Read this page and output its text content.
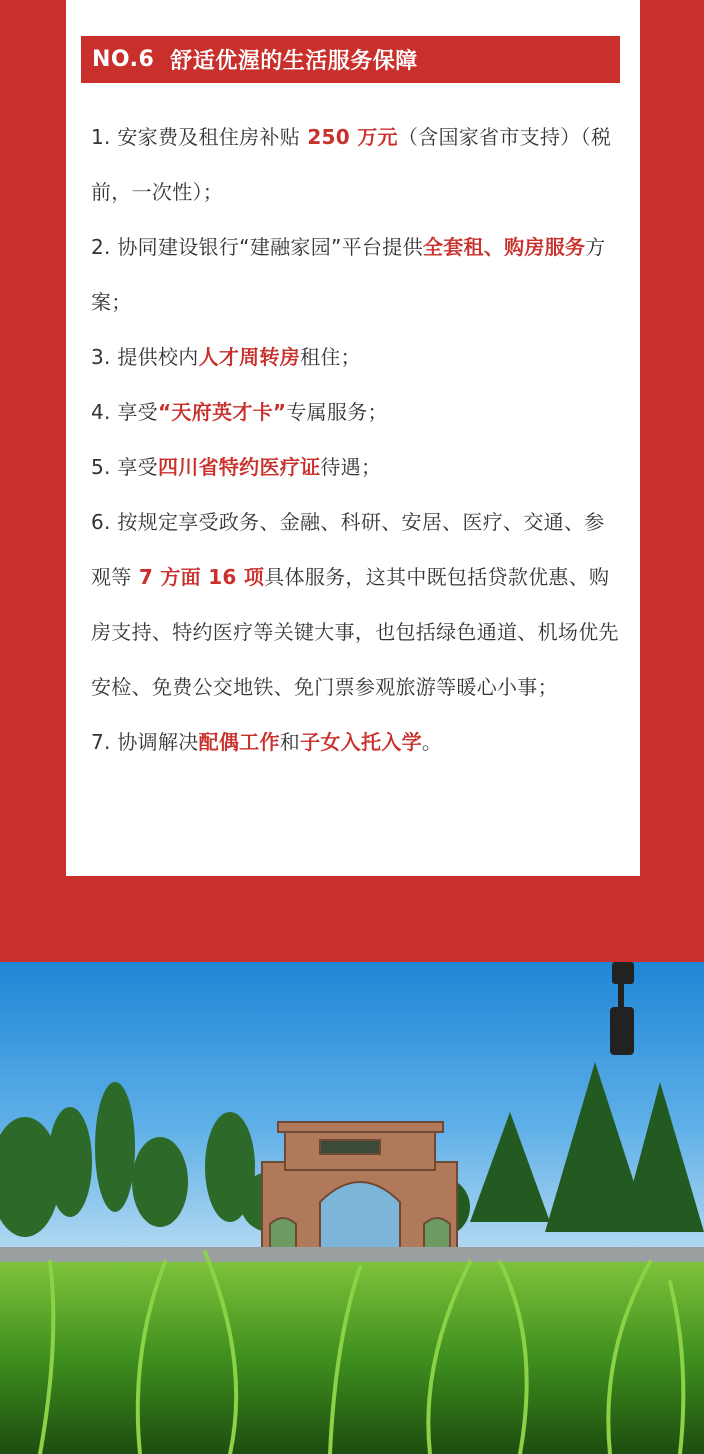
NO.6 舒适优渥的生活服务保障

1. 安家费及租住房补贴 250 万元（含国家省市支持）（税前，一次性）；

2. 协同建设银行“建融家园”平台提供全套租、购房服务方案；

3. 提供校内人才周转房租住；

4. 享受“天府英才卡”专属服务；

5. 享受四川省特约医疗证待遇；

6. 按规定享受政务、金融、科研、安居、医疗、交通、参观等 7 方面 16 项具体服务，这其中既包括贷款优惠、购房支持、特约医疗等关键大事，也包括绿色通道、机场优先安检、免费公交地铁、免门票参观旅游等暖心小事；

7. 协调解决配偶工作和子女入托入学。
